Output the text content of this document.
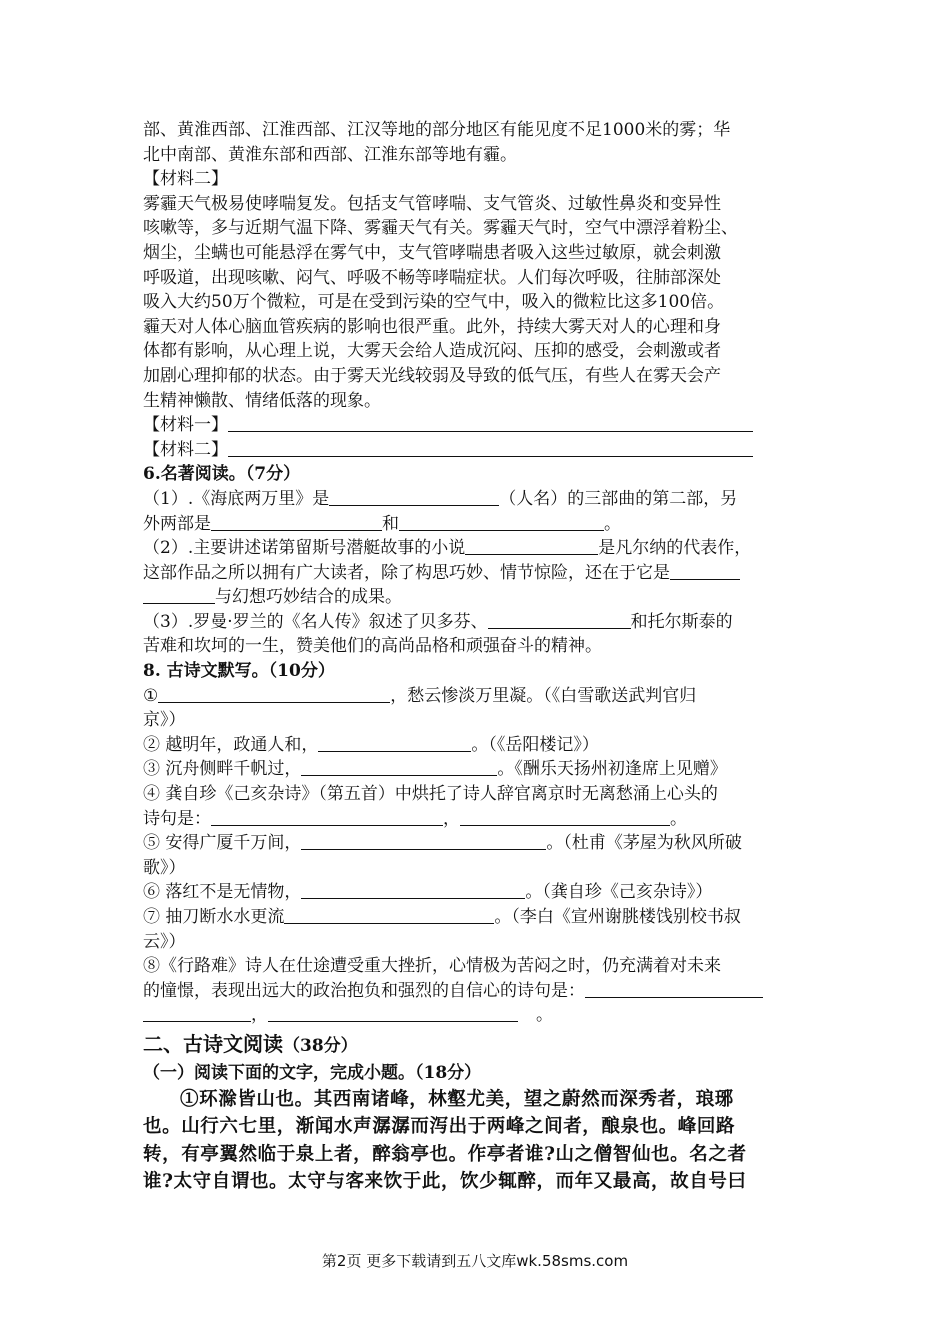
部、黄淮西部、江淮西部、江汉等地的部分地区有能见度不足1000米的雾；华
北中南部、黄淮东部和西部、江淮东部等地有霾。
【材料二】
雾霾天气极易使哮喘复发。包括支气管哮喘、支气管炎、过敏性鼻炎和变异性
咳嗽等，多与近期气温下降、雾霾天气有关。雾霾天气时，空气中漂浮着粉尘、
烟尘，尘螨也可能悬浮在雾气中，支气管哮喘患者吸入这些过敏原，就会刺激
呼吸道，出现咳嗽、闷气、呼吸不畅等哮喘症状。人们每次呼吸，往肺部深处
吸入大约50万个微粒，可是在受到污染的空气中，吸入的微粒比这多100倍。
霾天对人体心脑血管疾病的影响也很严重。此外，持续大雾天对人的心理和身
体都有影响，从心理上说，大雾天会给人造成沉闷、压抑的感受，会刺激或者
加剧心理抑郁的状态。由于雾天光线较弱及导致的低气压，有些人在雾天会产
生精神懒散、情绪低落的现象。
【材料一】
【材料二】
6.名著阅读。（7分）
（1）.《海底两万里》是	（人名）的三部曲的第二部，另
外两部是	和	。
（2）.主要讲述诺第留斯号潜艇故事的小说	是凡尔纳的代表作，
这部作品之所以拥有广大读者，除了构思巧妙、情节惊险，还在于它是
与幻想巧妙结合的成果。
（3）.罗曼·罗兰的《名人传》叙述了贝多芬、	和托尔斯泰的
苦难和坎坷的一生，赞美他们的高尚品格和顽强奋斗的精神。
8. 古诗文默写。（10分）
①	，愁云惨淡万里凝。（《白雪歌送武判官归
京》）
② 越明年，政通人和，	。（《岳阳楼记》）
③ 沉舟侧畔千帆过，	。《酬乐天扬州初逢席上见赠》
④ 龚自珍《己亥杂诗》（第五首）中烘托了诗人辞官离京时无离愁涌上心头的
诗句是：	，	。
⑤ 安得广厦千万间，	。（杜甫《茅屋为秋风所破
歌》）
⑥ 落红不是无情物，	。（龚自珍《己亥杂诗》）
⑦ 抽刀断水水更流	。（李白《宣州谢朓楼饯别校书叔
云》）
⑧《行路难》诗人在仕途遭受重大挫折，心情极为苦闷之时，仍充满着对未来
的憧憬，表现出远大的政治抱负和强烈的自信心的诗句是：
，	。
二、古诗文阅读（38分）
（一）阅读下面的文字，完成小题。（18分）
①环滁皆山也。其西南诸峰，林壑尤美，望之蔚然而深秀者，琅琊
也。山行六七里，渐闻水声潺潺而泻出于两峰之间者，酿泉也。峰回路
转，有亭翼然临于泉上者，醉翁亭也。作亭者谁?山之僧智仙也。名之者
谁?太守自谓也。太守与客来饮于此，饮少辄醉，而年又最高，故自号曰
第2页 更多下载请到五八文库wk.58sms.com
